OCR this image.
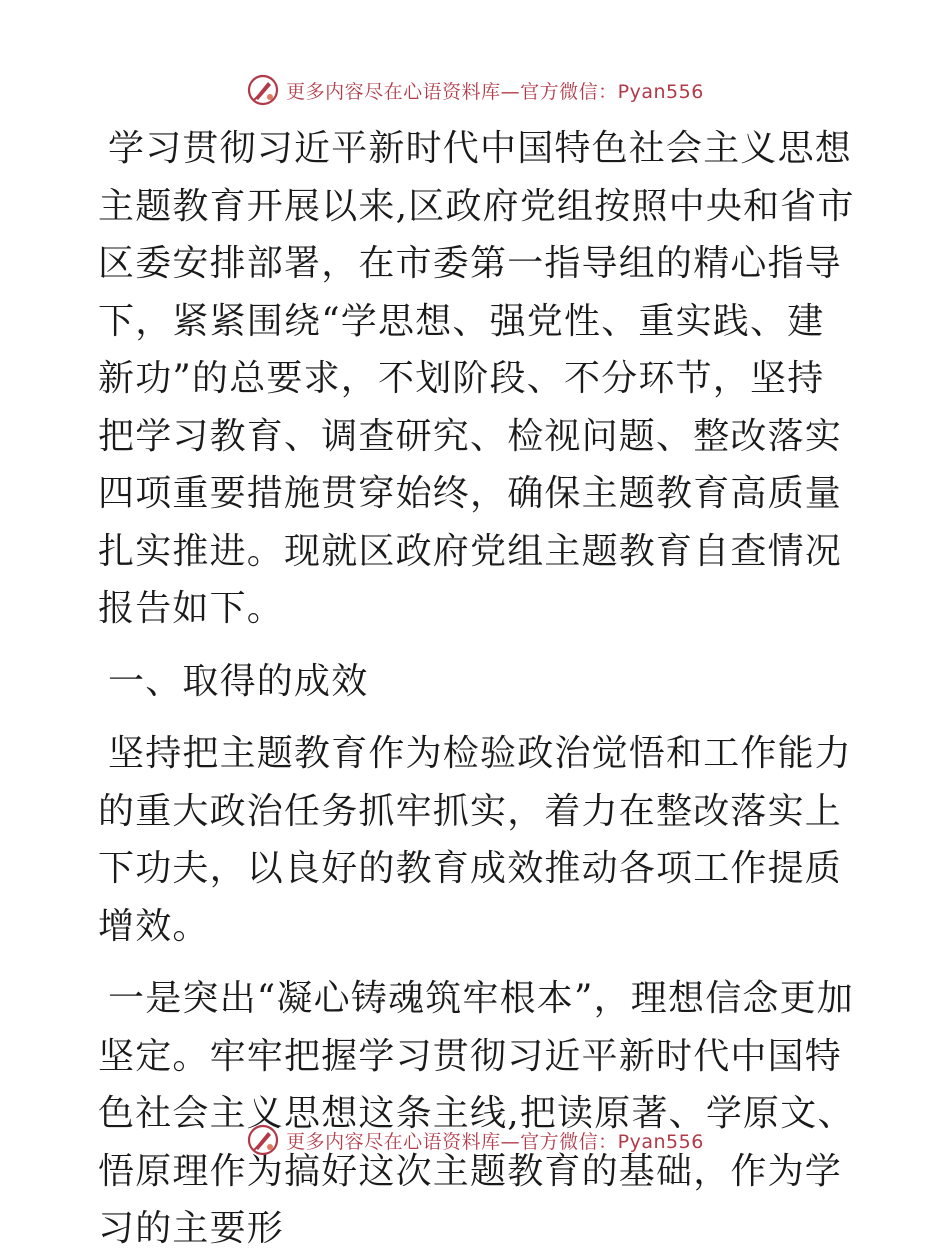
更多内容尽在心语资料库—官方微信：Pyan556

学习贯彻习近平新时代中国特色社会主义思想主题教育开展以来,区政府党组按照中央和省市区委安排部署，在市委第一指导组的精心指导下，紧紧围绕“学思想、强党性、重实践、建新功”的总要求，不划阶段、不分环节，坚持把学习教育、调查研究、检视问题、整改落实四项重要措施贯穿始终，确保主题教育高质量扎实推进。现就区政府党组主题教育自查情况报告如下。

一、取得的成效

坚持把主题教育作为检验政治觉悟和工作能力的重大政治任务抓牢抓实，着力在整改落实上下功夫，以良好的教育成效推动各项工作提质增效。

一是突出“凝心铸魂筑牢根本”，理想信念更加坚定。牢牢把握学习贯彻习近平新时代中国特色社会主义思想这条主线,把读原著、学原文、悟原理作为搞好这次主题教育的基础，作为学习的主要形

更多内容尽在心语资料库—官方微信：Pyan556
